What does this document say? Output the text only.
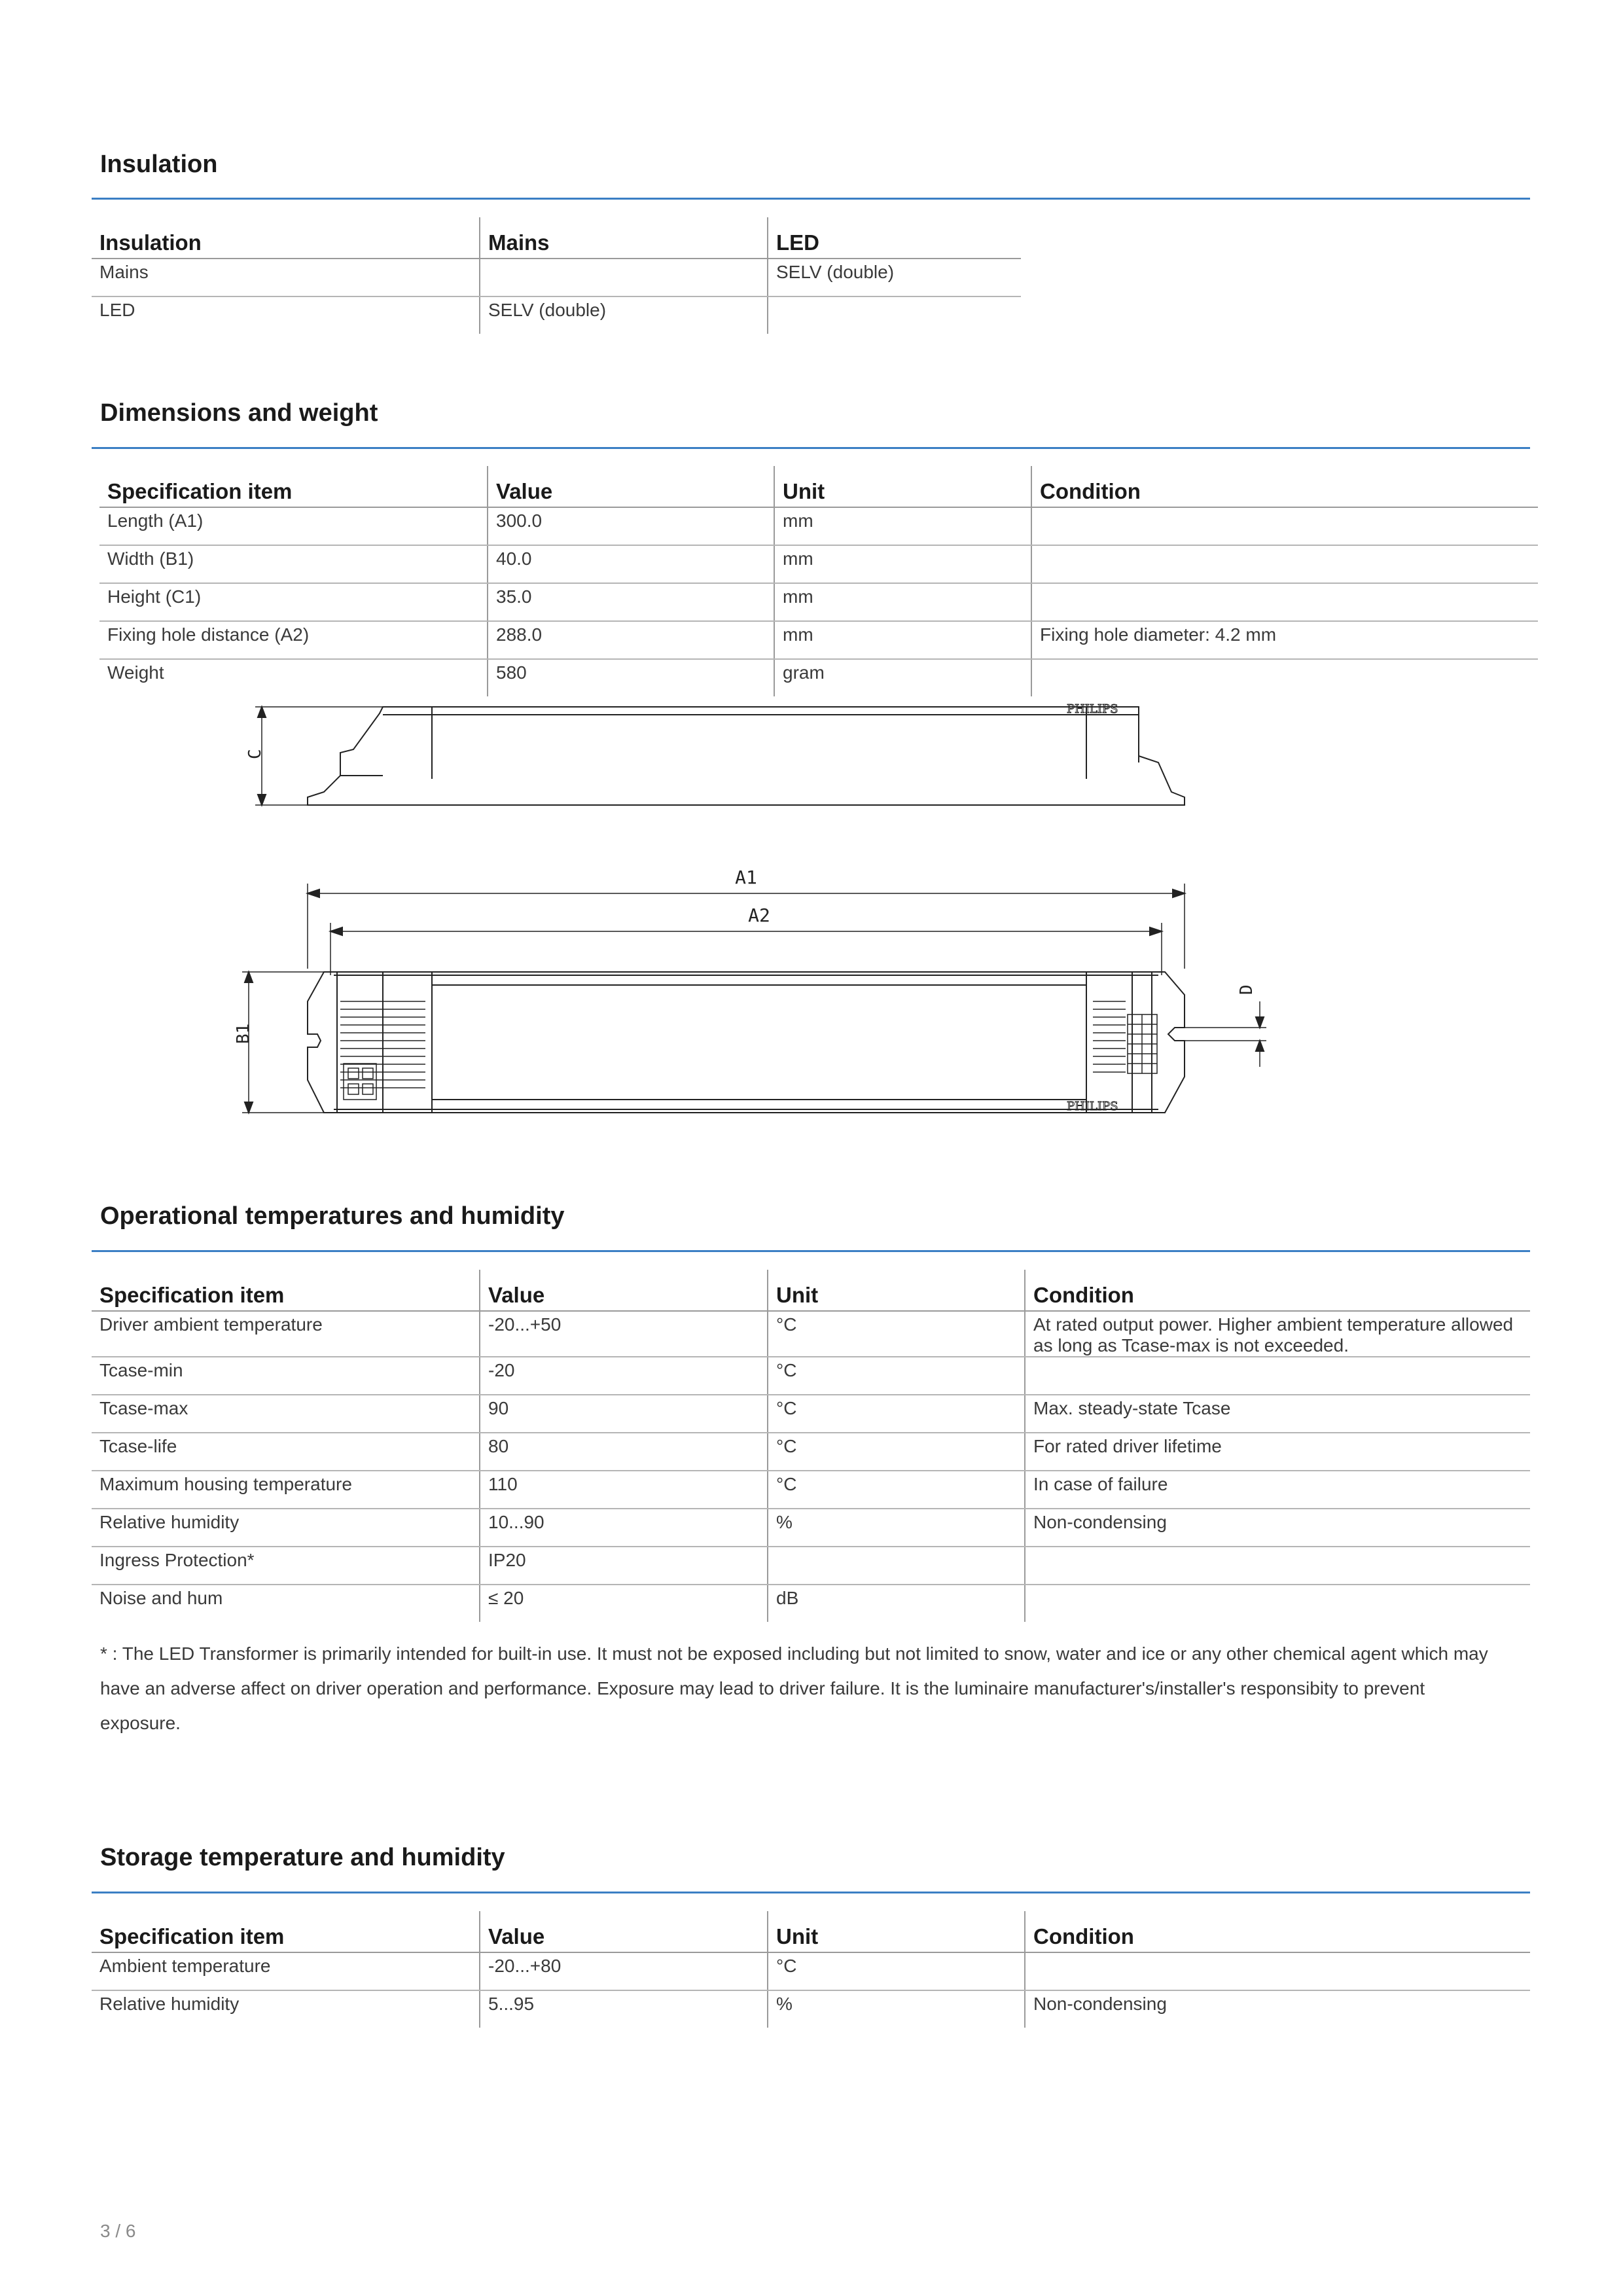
Insulation
Insulation	Mains	LED
Mains		SELV (double)
LED	SELV (double)	
Dimensions and weight
Specification item	Value	Unit	Condition
Length (A1)	300.0	mm	
Width (B1)	40.0	mm	
Height (C1)	35.0	mm	
Fixing hole distance (A2)	288.0	mm	Fixing hole diameter: 4.2 mm
Weight	580	gram	
C
PHILIPS
A1
A2
PHILIPS
B1
D
Operational temperatures and humidity
Specification item	Value	Unit	Condition
Driver ambient temperature	-20...+50	°C	At rated output power. Higher ambient temperature allowed as long as Tcase-max is not exceeded.
Tcase-min	-20	°C	
Tcase-max	90	°C	Max. steady-state Tcase
Tcase-life	80	°C	For rated driver lifetime
Maximum housing temperature	110	°C	In case of failure
Relative humidity	10...90	%	Non-condensing
Ingress Protection*	IP20		
Noise and hum	≤ 20	dB	

* : The LED Transformer is primarily intended for built-in use. It must not be exposed including but not limited to snow, water and ice or any other chemical agent which may have an adverse affect on driver operation and performance. Exposure may lead to driver failure. It is the luminaire manufacturer's/installer's responsibity to prevent exposure.

Storage temperature and humidity
Specification item	Value	Unit	Condition
Ambient temperature	-20...+80	°C	
Relative humidity	5...95	%	Non-condensing
3 / 6
